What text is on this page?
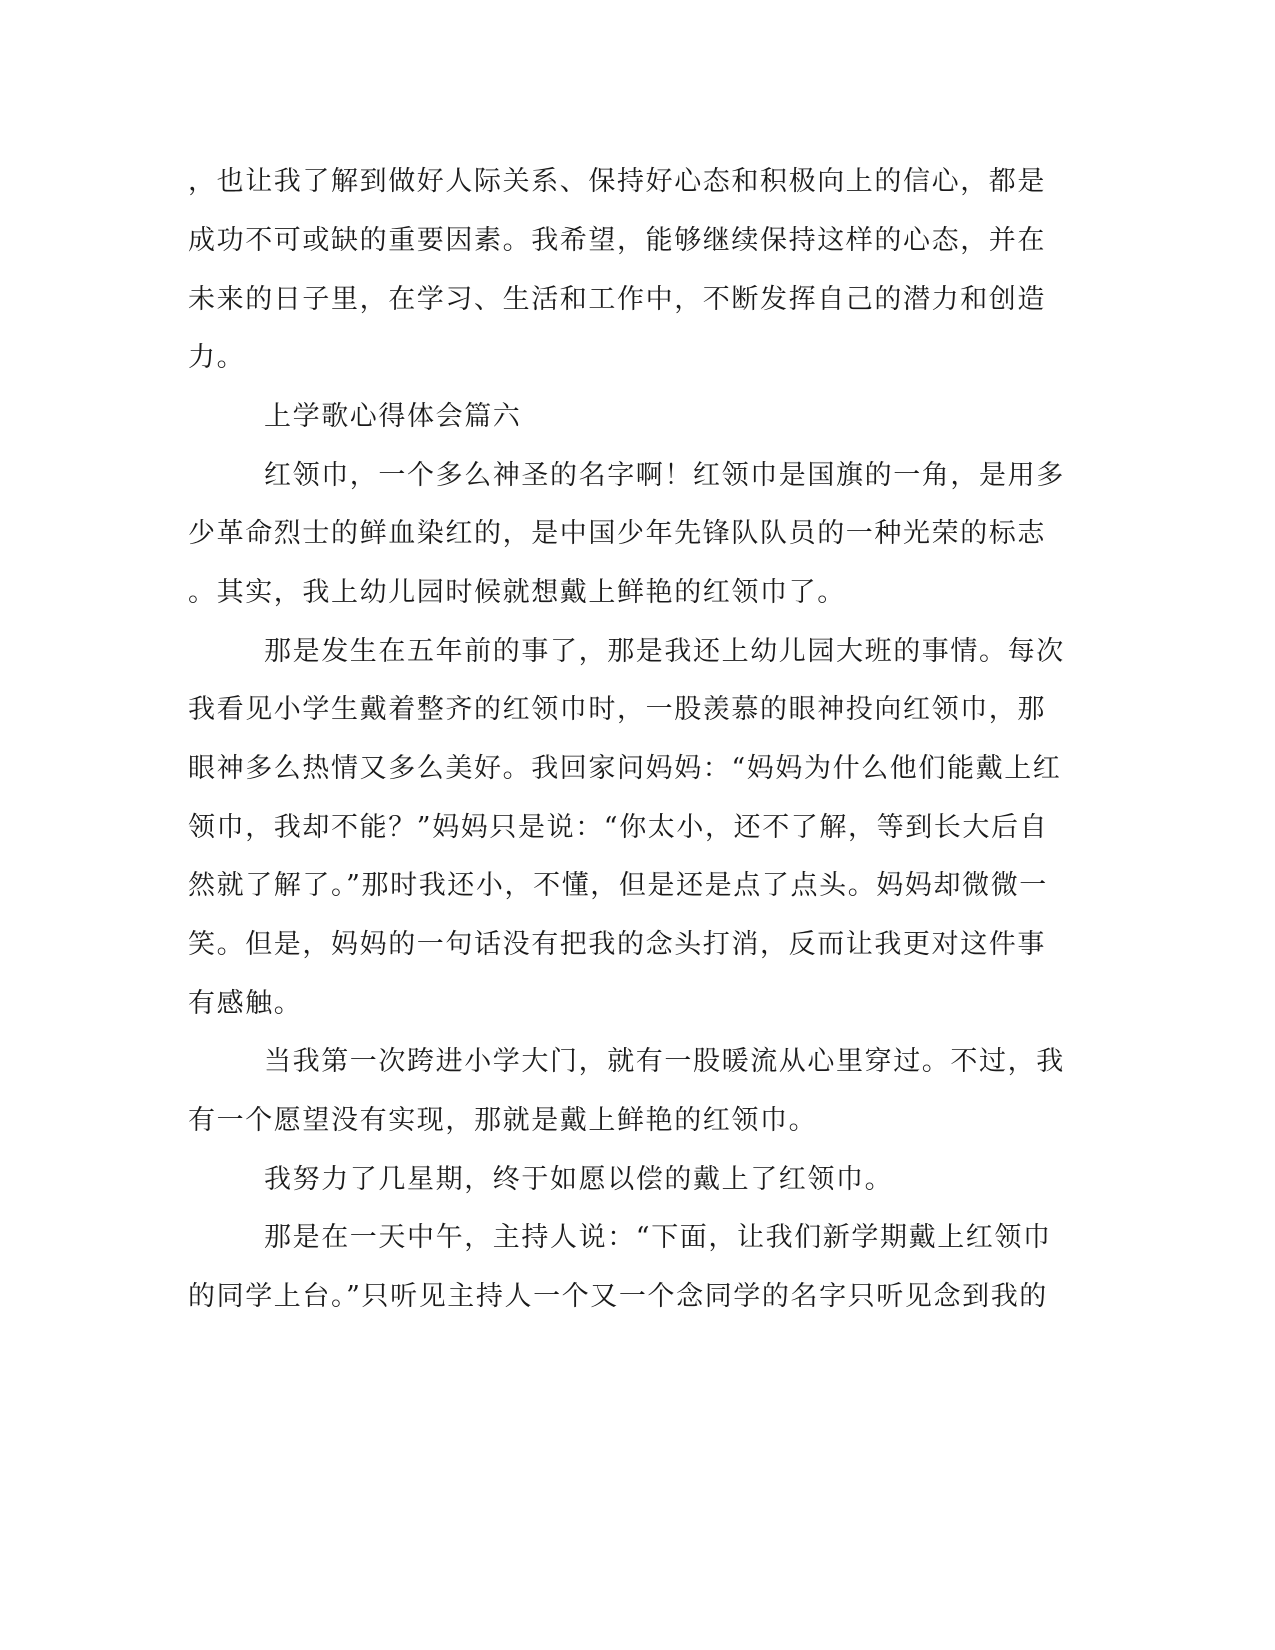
，也让我了解到做好人际关系、保持好心态和积极向上的信心，都是
成功不可或缺的重要因素。我希望，能够继续保持这样的心态，并在
未来的日子里，在学习、生活和工作中，不断发挥自己的潜力和创造
力。
上学歌心得体会篇六
红领巾，一个多么神圣的名字啊！红领巾是国旗的一角，是用多
少革命烈士的鲜血染红的，是中国少年先锋队队员的一种光荣的标志
。其实，我上幼儿园时候就想戴上鲜艳的红领巾了。
那是发生在五年前的事了，那是我还上幼儿园大班的事情。每次
我看见小学生戴着整齐的红领巾时，一股羡慕的眼神投向红领巾，那
眼神多么热情又多么美好。我回家问妈妈：“妈妈为什么他们能戴上红
领巾，我却不能？”妈妈只是说：“你太小，还不了解，等到长大后自
然就了解了。”那时我还小，不懂，但是还是点了点头。妈妈却微微一
笑。但是，妈妈的一句话没有把我的念头打消，反而让我更对这件事
有感触。
当我第一次跨进小学大门，就有一股暖流从心里穿过。不过，我
有一个愿望没有实现，那就是戴上鲜艳的红领巾。
我努力了几星期，终于如愿以偿的戴上了红领巾。
那是在一天中午，主持人说：“下面，让我们新学期戴上红领巾
的同学上台。”只听见主持人一个又一个念同学的名字只听见念到我的
